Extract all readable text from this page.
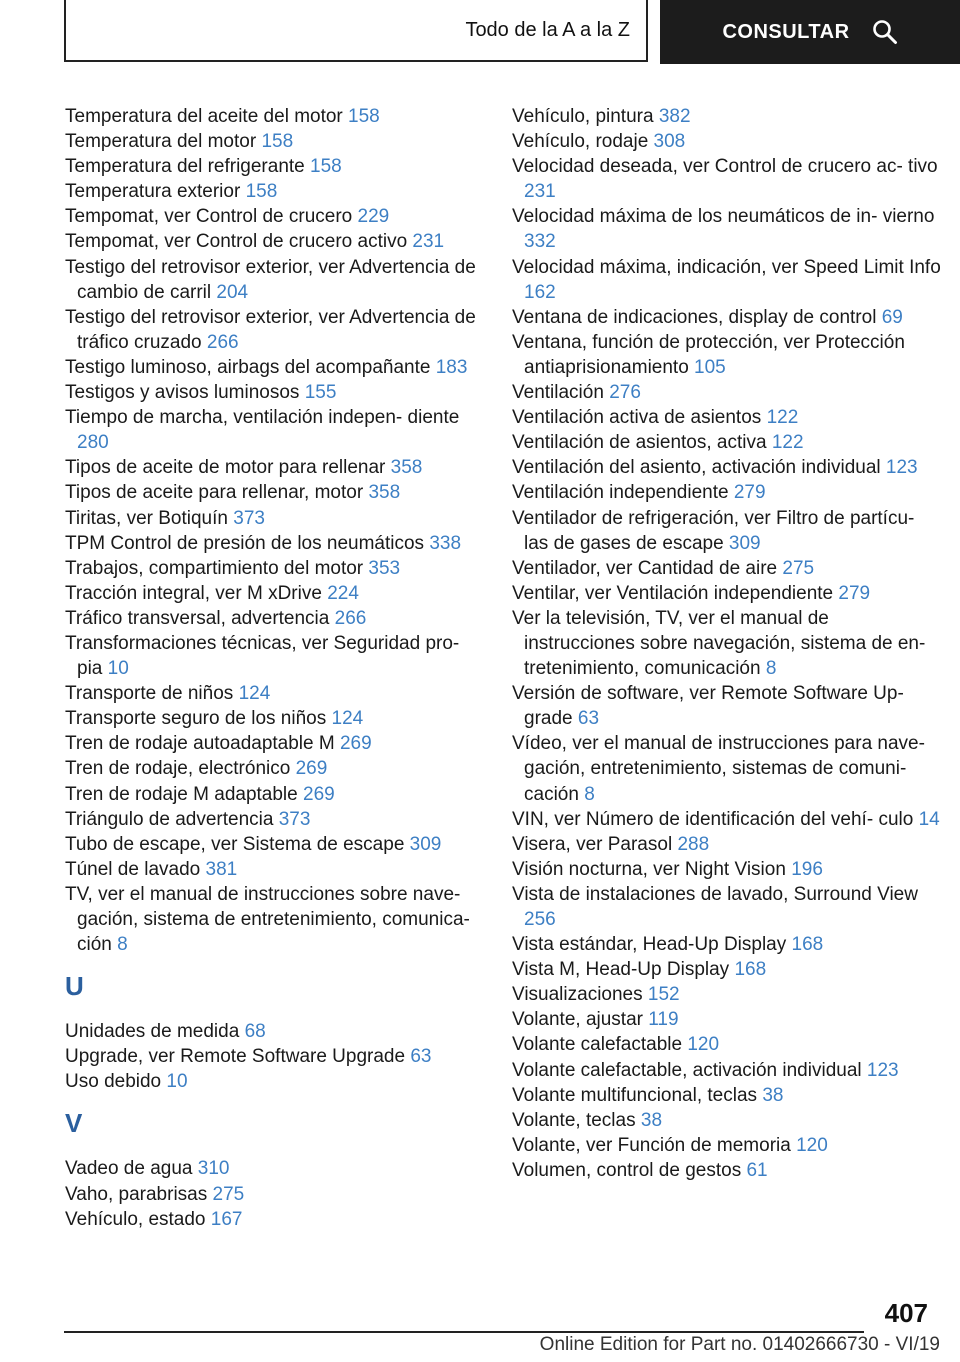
Todo de la A a la Z	CONSULTAR
Temperatura del aceite del motor 158
Temperatura del motor 158
Temperatura del refrigerante 158
Temperatura exterior 158
Tempomat, ver Control de crucero 229
Tempomat, ver Control de crucero activo 231
Testigo del retrovisor exterior, ver Advertencia de cambio de carril 204
Testigo del retrovisor exterior, ver Advertencia de tráfico cruzado 266
Testigo luminoso, airbags del acompañante 183
Testigos y avisos luminosos 155
Tiempo de marcha, ventilación indepen‐ diente 280
Tipos de aceite de motor para rellenar 358
Tipos de aceite para rellenar, motor 358
Tiritas, ver Botiquín 373
TPM Control de presión de los neumáticos 338
Trabajos, compartimiento del motor 353
Tracción integral, ver M xDrive 224
Tráfico transversal, advertencia 266
Transformaciones técnicas, ver Seguridad pro‐ pia 10
Transporte de niños 124
Transporte seguro de los niños 124
Tren de rodaje autoadaptable M 269
Tren de rodaje, electrónico 269
Tren de rodaje M adaptable 269
Triángulo de advertencia 373
Tubo de escape, ver Sistema de escape 309
Túnel de lavado 381
TV, ver el manual de instrucciones sobre nave‐ gación, sistema de entretenimiento, comunica‐ ción 8
U
Unidades de medida 68
Upgrade, ver Remote Software Upgrade 63
Uso debido 10
V
Vadeo de agua 310
Vaho, parabrisas 275
Vehículo, estado 167
Vehículo, pintura 382
Vehículo, rodaje 308
Velocidad deseada, ver Control de crucero ac‐ tivo 231
Velocidad máxima de los neumáticos de in‐ vierno 332
Velocidad máxima, indicación, ver Speed Limit Info 162
Ventana de indicaciones, display de control 69
Ventana, función de protección, ver Protección antiaprisionamiento 105
Ventilación 276
Ventilación activa de asientos 122
Ventilación de asientos, activa 122
Ventilación del asiento, activación individual 123
Ventilación independiente 279
Ventilador de refrigeración, ver Filtro de partícu‐ las de gases de escape 309
Ventilador, ver Cantidad de aire 275
Ventilar, ver Ventilación independiente 279
Ver la televisión, TV, ver el manual de instrucciones sobre navegación, sistema de en‐ tretenimiento, comunicación 8
Versión de software, ver Remote Software Up‐ grade 63
Vídeo, ver el manual de instrucciones para nave‐ gación, entretenimiento, sistemas de comuni‐ cación 8
VIN, ver Número de identificación del vehí‐ culo 14
Visera, ver Parasol 288
Visión nocturna, ver Night Vision 196
Vista de instalaciones de lavado, Surround View 256
Vista estándar, Head-Up Display 168
Vista M, Head-Up Display 168
Visualizaciones 152
Volante, ajustar 119
Volante calefactable 120
Volante calefactable, activación individual 123
Volante multifuncional, teclas 38
Volante, teclas 38
Volante, ver Función de memoria 120
Volumen, control de gestos 61
407
Online Edition for Part no. 01402666730 - VI/19
